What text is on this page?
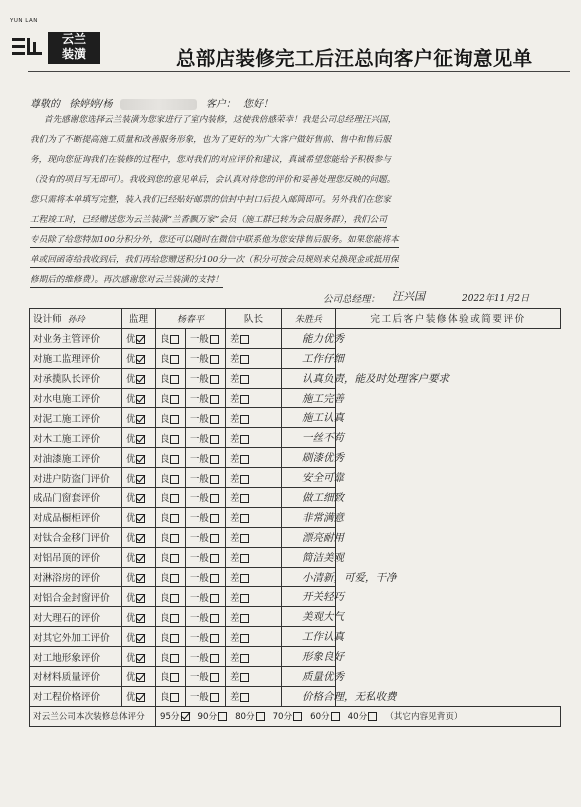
YUN LAN
云兰
装潢	总部店装修完工后汪总向客户征询意见单
尊敬的 徐婷婷/杨	客户： 您好！
首先感谢您选择云兰装潢为您家进行了室内装修，这使我倍感荣幸！我是公司总经理汪兴国，
我们为了不断提高施工质量和改善服务形象，也为了更好的为广大客户做好售前、售中和售后服
务，现向您征询我们在装修的过程中，您对我们的对应评价和建议，真诚希望您能给予积极参与
（没有的项目写无即可）。我收到您的意见单后，会认真对待您的评价和妥善处理您反映的问题。
您只需将本单填写完整，装入我们已经贴好邮票的信封中封口后投入邮筒即可。另外我们在您家
工程竣工时，已经赠送您为云兰装潢“兰香飘万家”会员（施工群已转为会员服务群），我们公司
专员除了给您特加100分积分外，您还可以随时在微信中联系他为您安排售后服务。如果您能将本
单或回函寄给我收到后，我们再给您赠送积分100分一次（积分可按会员规则来兑换现金或抵用保
修期后的维修费）。再次感谢您对云兰装潢的支持！
公司总经理： 汪兴国	2022年11月2日
设计师 孙玲	监理	杨春平		队长	朱胜兵	完工后客户装修体验或简要评价
对业务主管评价	优	良	一般	差	能力优秀	
对施工监理评价	优	良	一般	差	工作仔细	
对承揽队长评价	优	良	一般	差	认真负责，能及时处理客户要求	
对水电施工评价	优	良	一般	差	施工完善	
对泥工施工评价	优	良	一般	差	施工认真	
对木工施工评价	优	良	一般	差	一丝不苟	
对油漆施工评价	优	良	一般	差	刷漆优秀	
对进户防盗门评价	优	良	一般	差	安全可靠	
成品门窗套评价	优	良	一般	差	做工细致	
对成品橱柜评价	优	良	一般	差	非常满意	
对钛合金移门评价	优	良	一般	差	漂亮耐用	
对铝吊顶的评价	优	良	一般	差	简洁美观	
对淋浴房的评价	优	良	一般	差	小清新，可爱，干净	
对铝合金封窗评价	优	良	一般	差	开关轻巧	
对大理石的评价	优	良	一般	差	美观大气	
对其它外加工评价	优	良	一般	差	工作认真	
对工地形象评价	优	良	一般	差	形象良好	
对材料质量评价	优	良	一般	差	质量优秀	
对工程价格评价	优	良	一般	差	价格合理，无私收费	
对云兰公司本次装修总体评分		95分 90分 80分 70分 60分 40分 （其它内容见背页）				
